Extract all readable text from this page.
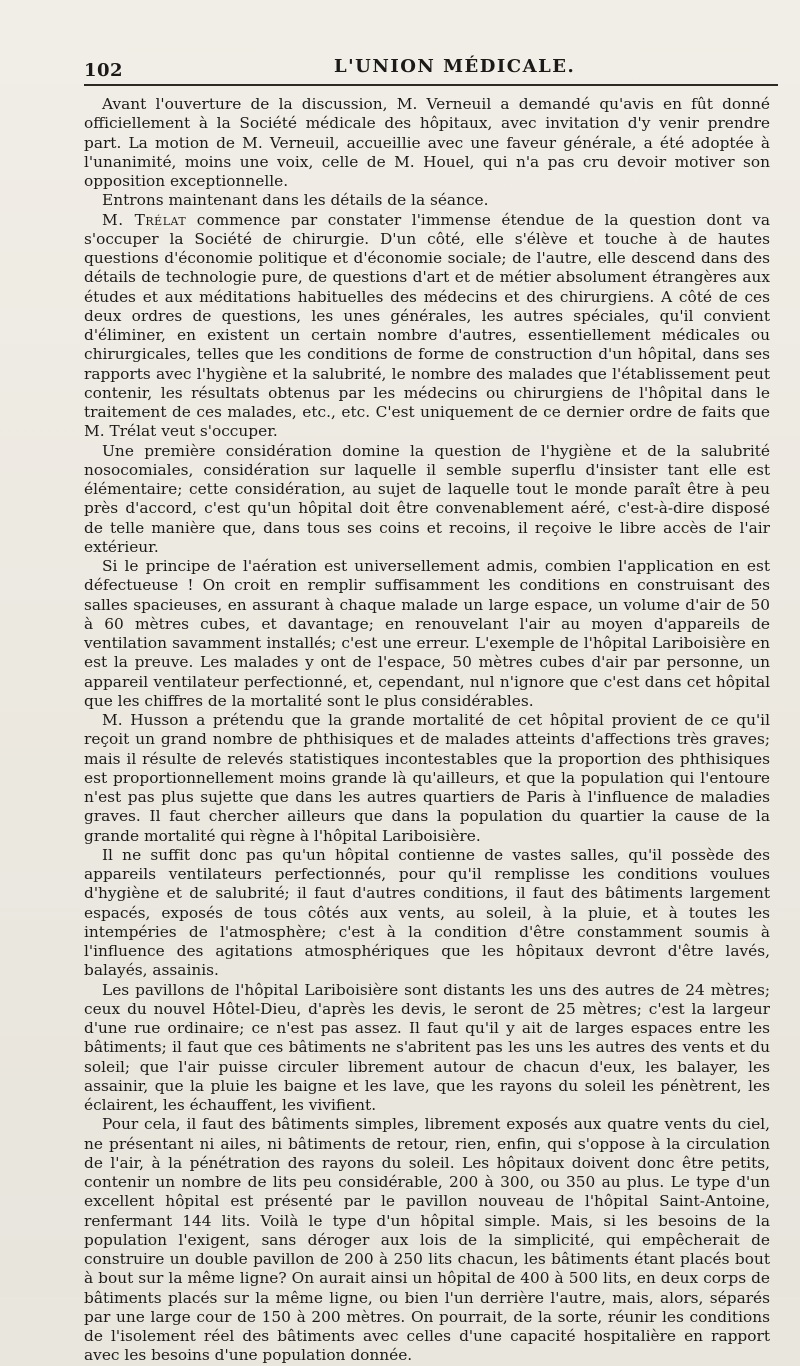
102	L'UNION MÉDICALE.

Avant l'ouverture de la discussion, M. Verneuil a demandé qu'avis en fût donné officiellement à la Société médicale des hôpitaux, avec invitation d'y venir prendre part. La motion de M. Verneuil, accueillie avec une faveur générale, a été adoptée à l'unanimité, moins une voix, celle de M. Houel, qui n'a pas cru devoir motiver son opposition exceptionnelle.

Entrons maintenant dans les détails de la séance.

M. Trélat commence par constater l'immense étendue de la question dont va s'occuper la Société de chirurgie. D'un côté, elle s'élève et touche à de hautes questions d'économie politique et d'économie sociale; de l'autre, elle descend dans des détails de technologie pure, de questions d'art et de métier absolument étrangères aux études et aux méditations habituelles des médecins et des chirurgiens. A côté de ces deux ordres de questions, les unes générales, les autres spéciales, qu'il convient d'éliminer, en existent un certain nombre d'autres, essentiellement médicales ou chirurgicales, telles que les conditions de forme de construction d'un hôpital, dans ses rapports avec l'hygiène et la salubrité, le nombre des malades que l'établissement peut contenir, les résultats obtenus par les médecins ou chirurgiens de l'hôpital dans le traitement de ces malades, etc., etc. C'est uniquement de ce dernier ordre de faits que M. Trélat veut s'occuper.

Une première considération domine la question de l'hygiène et de la salubrité nosocomiales, considération sur laquelle il semble superflu d'insister tant elle est élémentaire; cette considération, au sujet de laquelle tout le monde paraît être à peu près d'accord, c'est qu'un hôpital doit être convenablement aéré, c'est-à-dire disposé de telle manière que, dans tous ses coins et recoins, il reçoive le libre accès de l'air extérieur.

Si le principe de l'aération est universellement admis, combien l'application en est défectueuse ! On croit en remplir suffisamment les conditions en construisant des salles spacieuses, en assurant à chaque malade un large espace, un volume d'air de 50 à 60 mètres cubes, et davantage; en renouvelant l'air au moyen d'appareils de ventilation savamment installés; c'est une erreur. L'exemple de l'hôpital Lariboisière en est la preuve. Les malades y ont de l'espace, 50 mètres cubes d'air par personne, un appareil ventilateur perfectionné, et, cependant, nul n'ignore que c'est dans cet hôpital que les chiffres de la mortalité sont le plus considérables.

M. Husson a prétendu que la grande mortalité de cet hôpital provient de ce qu'il reçoit un grand nombre de phthisiques et de malades atteints d'affections très graves; mais il résulte de relevés statistiques incontestables que la proportion des phthisiques est proportionnellement moins grande là qu'ailleurs, et que la population qui l'entoure n'est pas plus sujette que dans les autres quartiers de Paris à l'influence de maladies graves. Il faut chercher ailleurs que dans la population du quartier la cause de la grande mortalité qui règne à l'hôpital Lariboisière.

Il ne suffit donc pas qu'un hôpital contienne de vastes salles, qu'il possède des appareils ventilateurs perfectionnés, pour qu'il remplisse les conditions voulues d'hygiène et de salubrité; il faut d'autres conditions, il faut des bâtiments largement espacés, exposés de tous côtés aux vents, au soleil, à la pluie, et à toutes les intempéries de l'atmosphère; c'est à la condition d'être constamment soumis à l'influence des agitations atmosphériques que les hôpitaux devront d'être lavés, balayés, assainis.

Les pavillons de l'hôpital Lariboisière sont distants les uns des autres de 24 mètres; ceux du nouvel Hôtel-Dieu, d'après les devis, le seront de 25 mètres; c'est la largeur d'une rue ordinaire; ce n'est pas assez. Il faut qu'il y ait de larges espaces entre les bâtiments; il faut que ces bâtiments ne s'abritent pas les uns les autres des vents et du soleil; que l'air puisse circuler librement autour de chacun d'eux, les balayer, les assainir, que la pluie les baigne et les lave, que les rayons du soleil les pénètrent, les éclairent, les échauffent, les vivifient.

Pour cela, il faut des bâtiments simples, librement exposés aux quatre vents du ciel, ne présentant ni ailes, ni bâtiments de retour, rien, enfin, qui s'oppose à la circulation de l'air, à la pénétration des rayons du soleil. Les hôpitaux doivent donc être petits, contenir un nombre de lits peu considérable, 200 à 300, ou 350 au plus. Le type d'un excellent hôpital est présenté par le pavillon nouveau de l'hôpital Saint-Antoine, renfermant 144 lits. Voilà le type d'un hôpital simple. Mais, si les besoins de la population l'exigent, sans déroger aux lois de la simplicité, qui empêcherait de construire un double pavillon de 200 à 250 lits chacun, les bâtiments étant placés bout à bout sur la même ligne? On aurait ainsi un hôpital de 400 à 500 lits, en deux corps de bâtiments placés sur la même ligne, ou bien l'un derrière l'autre, mais, alors, séparés par une large cour de 150 à 200 mètres. On pourrait, de la sorte, réunir les conditions de l'isolement réel des bâtiments avec celles d'une capacité hospitalière en rapport avec les besoins d'une population donnée.
